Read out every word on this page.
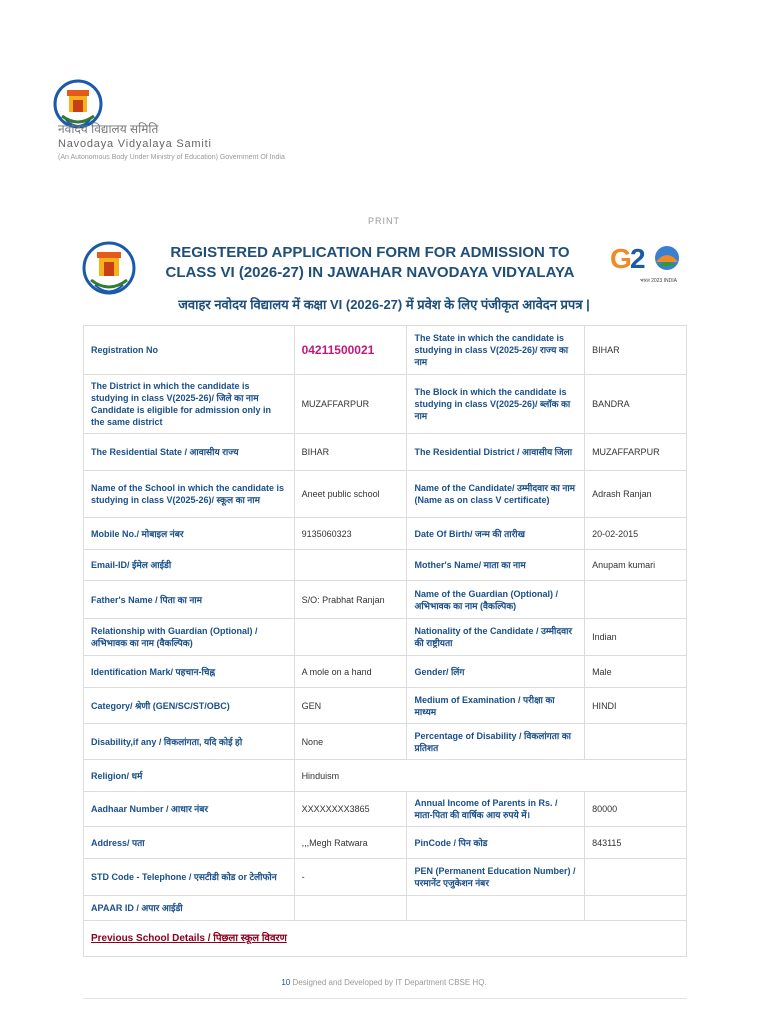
नवोदय विद्यालय समिति
Navodaya Vidyalaya Samiti
(An Autonomous Body Under Ministry of Education) Government Of India
PRINT
REGISTERED APPLICATION FORM FOR ADMISSION TO
CLASS VI (2026-27) IN JAWAHAR NAVODAYA VIDYALAYA	G
2
भारत 2023 INDIA
जवाहर नवोदय विद्यालय में कक्षा VI (2026-27) में प्रवेश के लिए पंजीकृत आवेदन प्रपत्र |
Registration No	04211500021	The State in which the candidate is studying in class V(2025-26)/ राज्य का नाम	BIHAR

The District in which the candidate is studying in class V(2025-26)/ जिले का नाम
Candidate is eligible for admission only in the same district	MUZAFFARPUR	The Block in which the candidate is studying in class V(2025-26)/ ब्लॉक का नाम	BANDRA
The Residential State / आवासीय राज्य	BIHAR	The Residential District / आवासीय जिला	MUZAFFARPUR
Name of the School in which the candidate is studying in class V(2025-26)/ स्कूल का नाम	Aneet public school	Name of the Candidate/ उम्मीदवार का नाम
(Name as on class V certificate)	Adrash Ranjan
Mobile No./ मोबाइल नंबर	9135060323	Date Of Birth/ जन्म की तारीख	20-02-2015
Email-ID/ ईमेल आईडी		Mother's Name/ माता का नाम	Anupam kumari
Father's Name / पिता का नाम	S/O: Prabhat Ranjan	Name of the Guardian (Optional) / अभिभावक का नाम (वैकल्पिक)	
Relationship with Guardian (Optional) / अभिभावक का नाम (वैकल्पिक)		Nationality of the Candidate / उम्मीदवार की राष्ट्रीयता	Indian
Identification Mark/ पहचान-चिह्न	A mole on a hand	Gender/ लिंग	Male
Category/ श्रेणी (GEN/SC/ST/OBC)	GEN	Medium of Examination / परीक्षा का माध्यम	HINDI
Disability,if any / विकलांगता, यदि कोई हो	None	Percentage of Disability / विकलांगता का प्रतिशत	
Religion/ धर्म	Hinduism		
Aadhaar Number / आधार नंबर	XXXXXXXX3865	Annual Income of Parents in Rs. / माता-पिता की वार्षिक आय रुपये में।	80000
Address/ पता	,,,Megh Ratwara	PinCode / पिन कोड	843115
STD Code - Telephone / एसटीडी कोड or टेलीफोन	-	PEN (Permanent Education Number) / परमानेंट एजुकेशन नंबर	
APAAR ID / अपार आईडी			
Previous School Details / पिछला स्कूल विवरण			
10 Designed and Developed by IT Department CBSE HQ.
